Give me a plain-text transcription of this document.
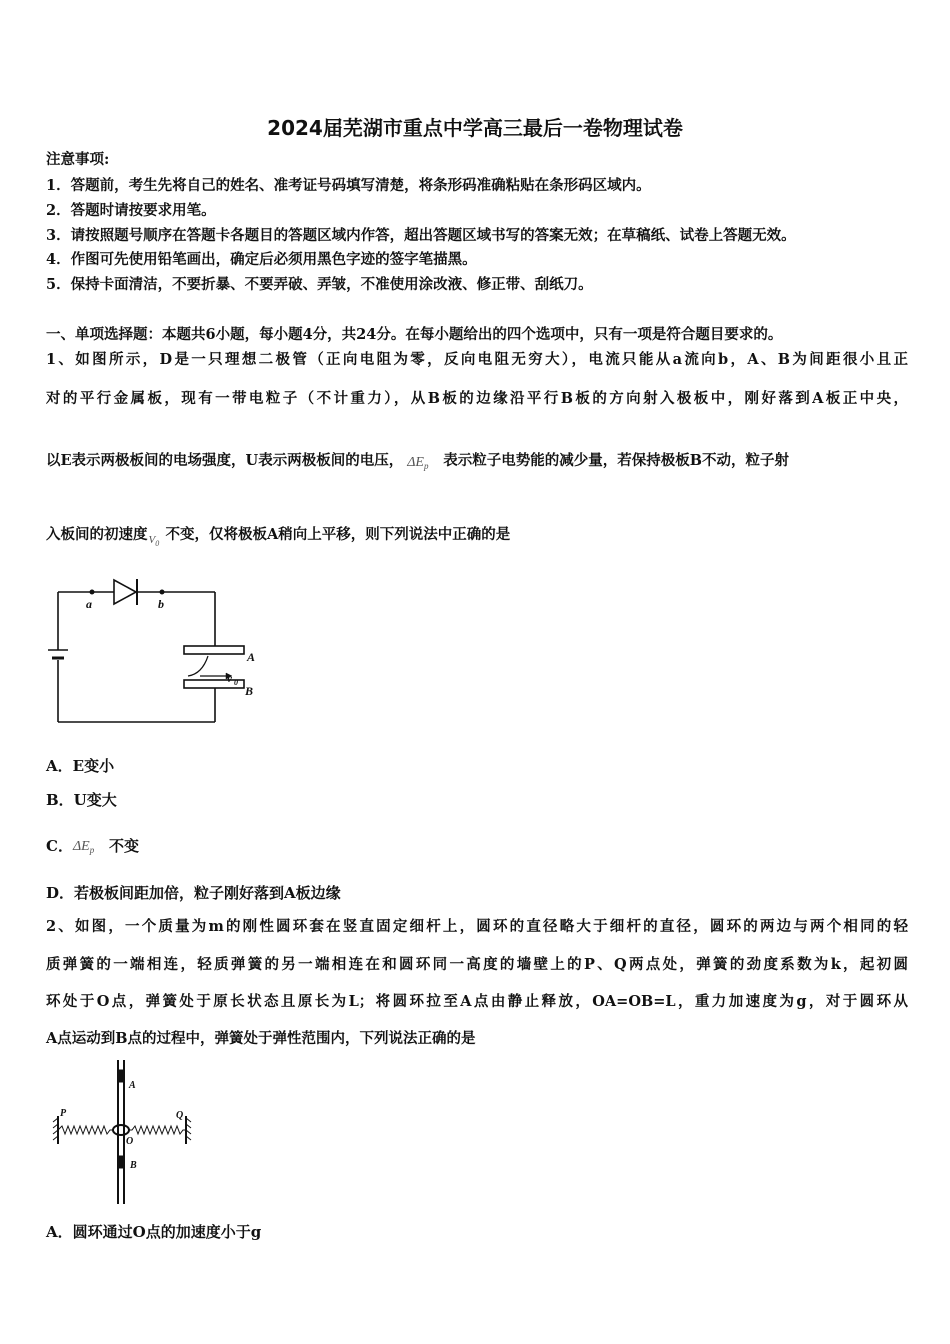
2024届芜湖市重点中学高三最后一卷物理试卷
注意事项:
1．答题前，考生先将自己的姓名、准考证号码填写清楚，将条形码准确粘贴在条形码区域内。
2．答题时请按要求用笔。
3．请按照题号顺序在答题卡各题目的答题区域内作答，超出答题区域书写的答案无效；在草稿纸、试卷上答题无效。
4．作图可先使用铅笔画出，确定后必须用黑色字迹的签字笔描黑。
5．保持卡面清洁，不要折暴、不要弄破、弄皱，不准使用涂改液、修正带、刮纸刀。
一、单项选择题：本题共6小题，每小题4分，共24分。在每小题给出的四个选项中，只有一项是符合题目要求的。
1、如图所示，D是一只理想二极管（正向电阻为零，反向电阻无穷大），电流只能从a流向b，A、B为间距很小且正
对的平行金属板，现有一带电粒子（不计重力），从B板的边缘沿平行B板的方向射入极板中，刚好落到A板正中央，
以E表示两极板间的电场强度，U表示两极板间的电压， $\Delta E_p$ 表示粒子电势能的减少量，若保持极板B不动，粒子射
入板间的初速度 $V_0$
不变，仅将极板A稍向上平移，则下列说法中正确的是
a	b
A
B
v 0
A．E变小
B．U变大
C． $\Delta E_p$ 不变
D．若极板间距加倍，粒子刚好落到A板边缘
2、如图，一个质量为m的刚性圆环套在竖直固定细杆上，圆环的直径略大于细杆的直径，圆环的两边与两个相同的轻
质弹簧的一端相连，轻质弹簧的另一端相连在和圆环同一高度的墙壁上的P、Q两点处，弹簧的劲度系数为k，起初圆
环处于O点，弹簧处于原长状态且原长为L；将圆环拉至A点由静止释放，OA=OB=L，重力加速度为g，对于圆环从
A点运动到B点的过程中，弹簧处于弹性范围内，下列说法正确的是
P	Q
A
O
B
A．圆环通过O点的加速度小于g
